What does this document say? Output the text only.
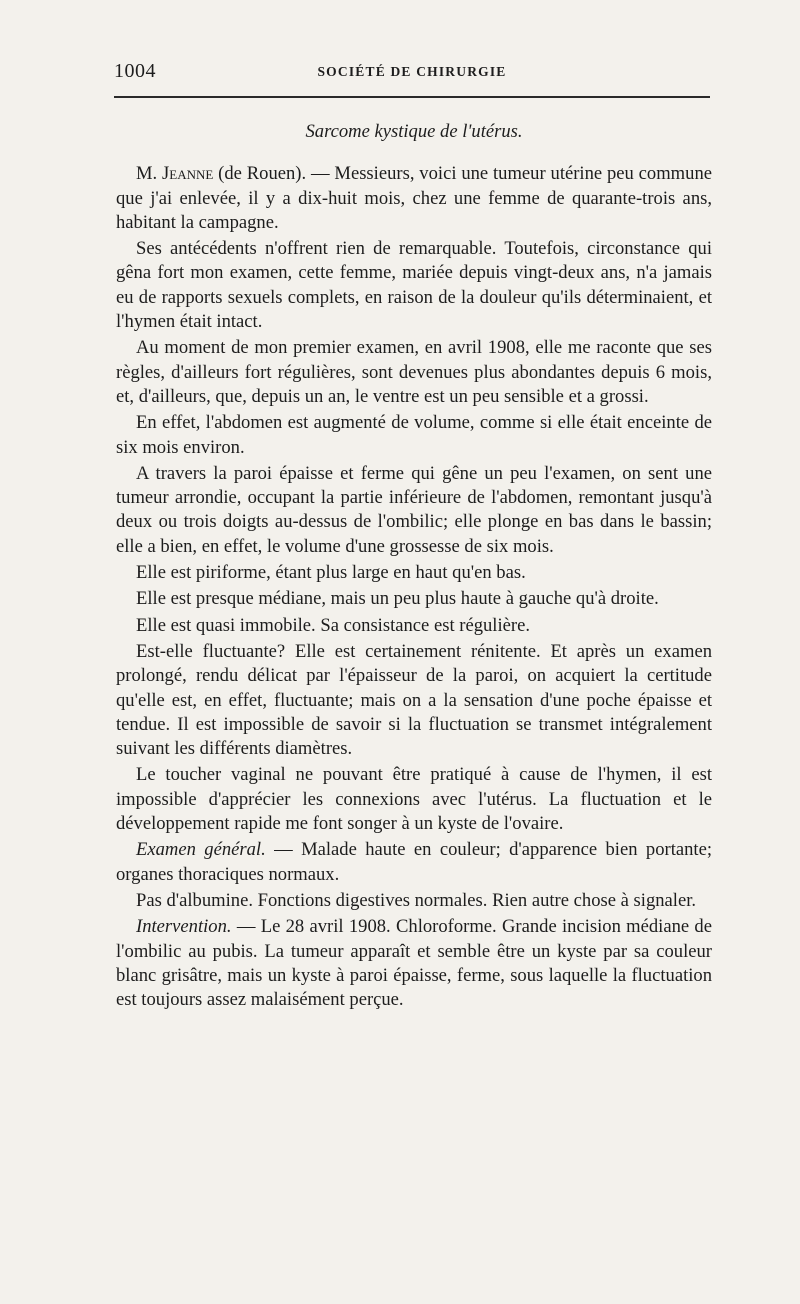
1004	SOCIÉTÉ DE CHIRURGIE
Sarcome kystique de l'utérus.

M. Jeanne (de Rouen). — Messieurs, voici une tumeur utérine peu commune que j'ai enlevée, il y a dix-huit mois, chez une femme de quarante-trois ans, habitant la campagne.

Ses antécédents n'offrent rien de remarquable. Toutefois, circonstance qui gêna fort mon examen, cette femme, mariée depuis vingt-deux ans, n'a jamais eu de rapports sexuels complets, en raison de la douleur qu'ils déterminaient, et l'hymen était intact.

Au moment de mon premier examen, en avril 1908, elle me raconte que ses règles, d'ailleurs fort régulières, sont devenues plus abondantes depuis 6 mois, et, d'ailleurs, que, depuis un an, le ventre est un peu sensible et a grossi.

En effet, l'abdomen est augmenté de volume, comme si elle était enceinte de six mois environ.

A travers la paroi épaisse et ferme qui gêne un peu l'examen, on sent une tumeur arrondie, occupant la partie inférieure de l'abdomen, remontant jusqu'à deux ou trois doigts au-dessus de l'ombilic; elle plonge en bas dans le bassin; elle a bien, en effet, le volume d'une grossesse de six mois.

Elle est piriforme, étant plus large en haut qu'en bas.

Elle est presque médiane, mais un peu plus haute à gauche qu'à droite.

Elle est quasi immobile. Sa consistance est régulière.

Est-elle fluctuante? Elle est certainement rénitente. Et après un examen prolongé, rendu délicat par l'épaisseur de la paroi, on acquiert la certitude qu'elle est, en effet, fluctuante; mais on a la sensation d'une poche épaisse et tendue. Il est impossible de savoir si la fluctuation se transmet intégralement suivant les différents diamètres.

Le toucher vaginal ne pouvant être pratiqué à cause de l'hymen, il est impossible d'apprécier les connexions avec l'utérus. La fluctuation et le développement rapide me font songer à un kyste de l'ovaire.

Examen général. — Malade haute en couleur; d'apparence bien portante; organes thoraciques normaux.

Pas d'albumine. Fonctions digestives normales. Rien autre chose à signaler.

Intervention. — Le 28 avril 1908. Chloroforme. Grande incision médiane de l'ombilic au pubis. La tumeur apparaît et semble être un kyste par sa couleur blanc grisâtre, mais un kyste à paroi épaisse, ferme, sous laquelle la fluctuation est toujours assez malaisément perçue.
